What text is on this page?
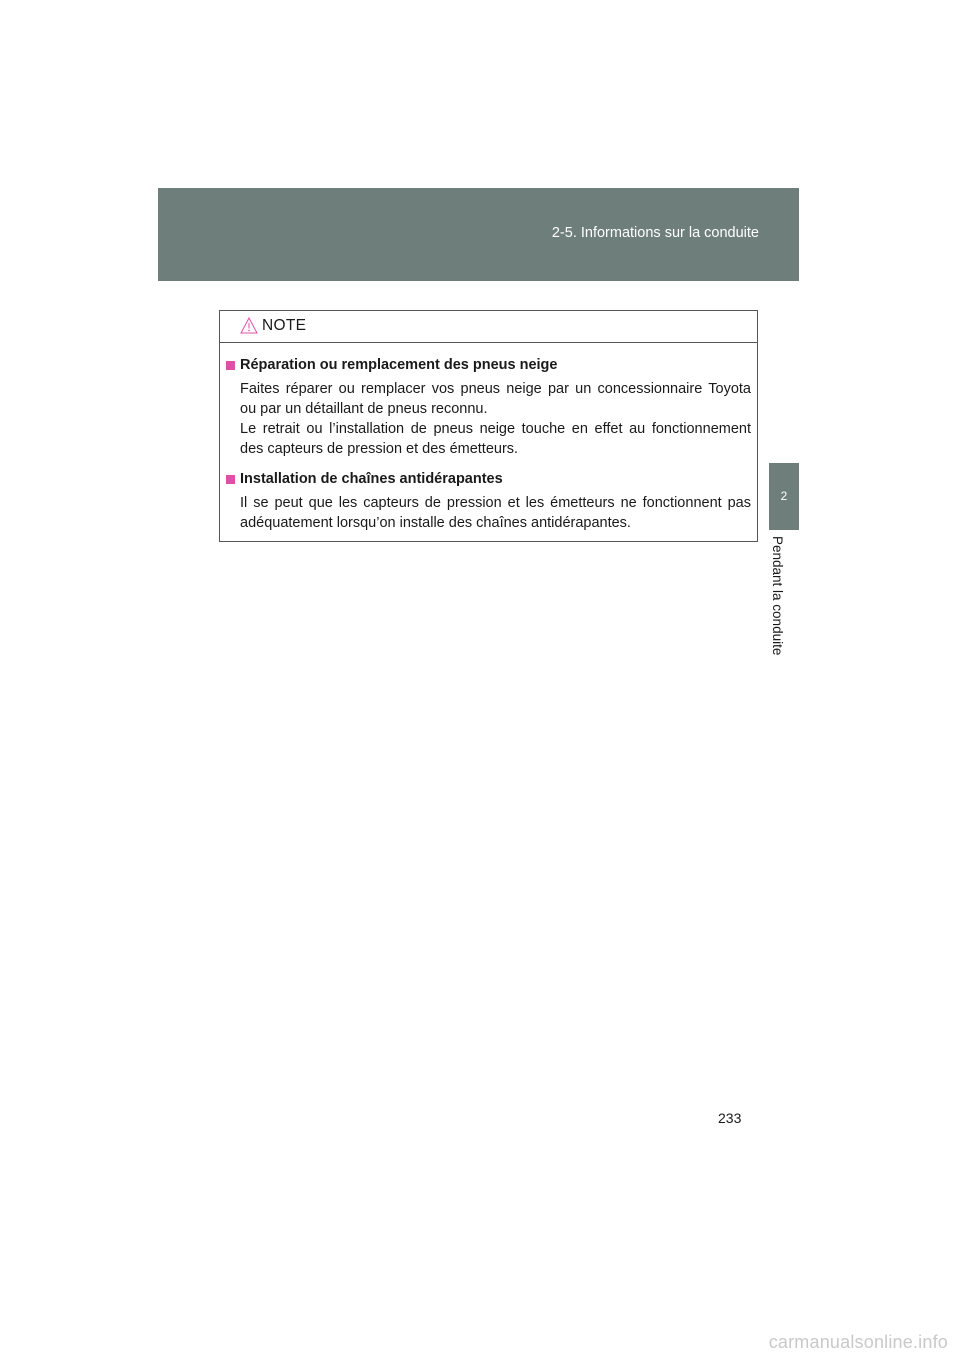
2-5. Informations sur la conduite
2
Pendant la conduite
NOTE
Réparation ou remplacement des pneus neige
Faites réparer ou remplacer vos pneus neige par un concessionnaire Toyota
ou par un détaillant de pneus reconnu.
Le retrait ou l’installation de pneus neige touche en effet au fonctionnement
des capteurs de pression et des émetteurs.
Installation de chaînes antidérapantes
Il se peut que les capteurs de pression et les émetteurs ne fonctionnent pas
adéquatement lorsqu’on installe des chaînes antidérapantes.
233
carmanualsonline.info
